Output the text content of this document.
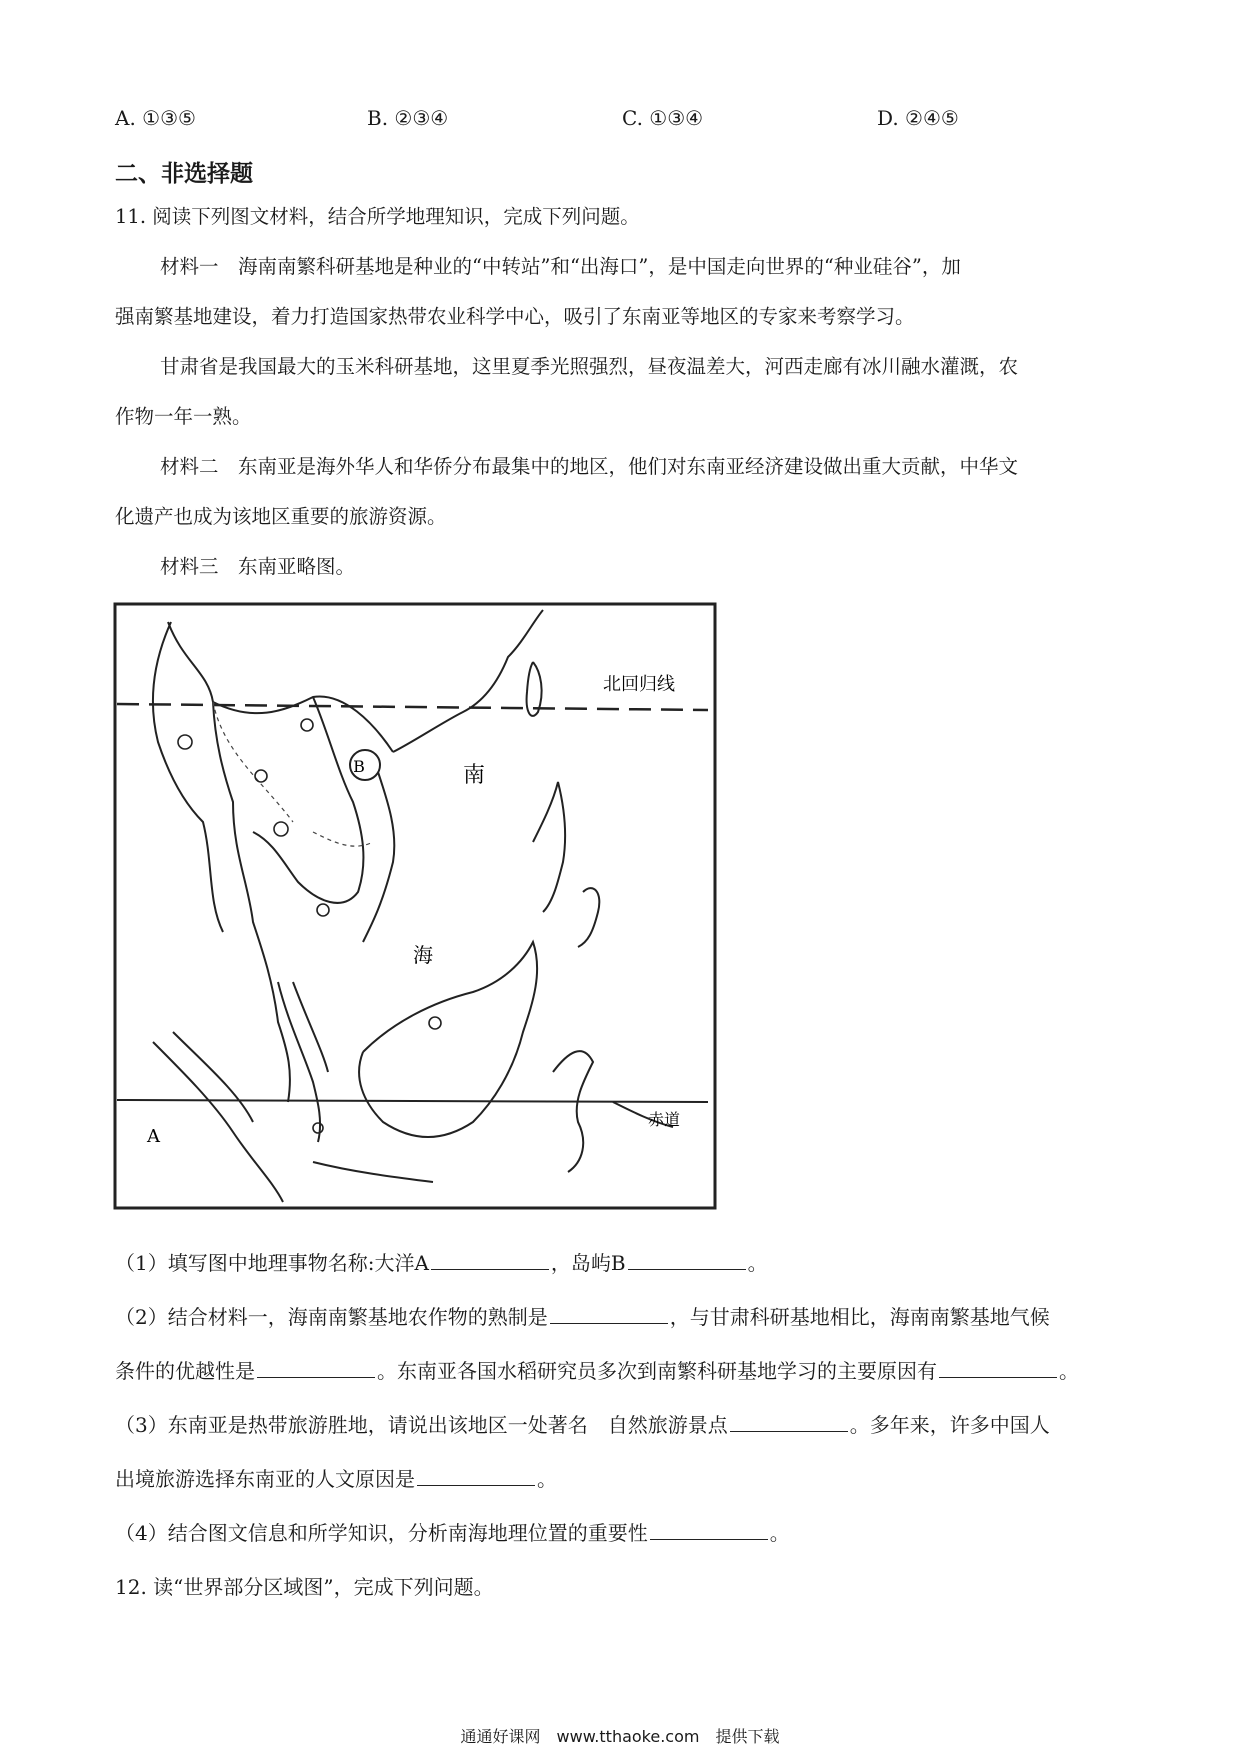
A. ①③⑤	B. ②③④	C. ①③④	D. ②④⑤
二、非选择题
11. 阅读下列图文材料，结合所学地理知识，完成下列问题。
材料一　海南南繁科研基地是种业的“中转站”和“出海口”，是中国走向世界的“种业硅谷”，加
强南繁基地建设，着力打造国家热带农业科学中心，吸引了东南亚等地区的专家来考察学习。
甘肃省是我国最大的玉米科研基地，这里夏季光照强烈，昼夜温差大，河西走廊有冰川融水灌溉，农
作物一年一熟。
材料二　东南亚是海外华人和华侨分布最集中的地区，他们对东南亚经济建设做出重大贡献，中华文
化遗产也成为该地区重要的旅游资源。
材料三　东南亚略图。
北回归线
赤道
A
B	南
海
（1）填写图中地理事物名称:大洋A	，岛屿B	。
（2）结合材料一，海南南繁基地农作物的熟制是	，与甘肃科研基地相比，海南南繁基地气候
条件的优越性是	。东南亚各国水稻研究员多次到南繁科研基地学习的主要原因有	。
（3）东南亚是热带旅游胜地，请说出该地区一处著名　自然旅游景点	。多年来，许多中国人
出境旅游选择东南亚的人文原因是	。
（4）结合图文信息和所学知识，分析南海地理位置的重要性	。
12. 读“世界部分区域图”，完成下列问题。
通通好课网　www.tthaoke.com　提供下载
